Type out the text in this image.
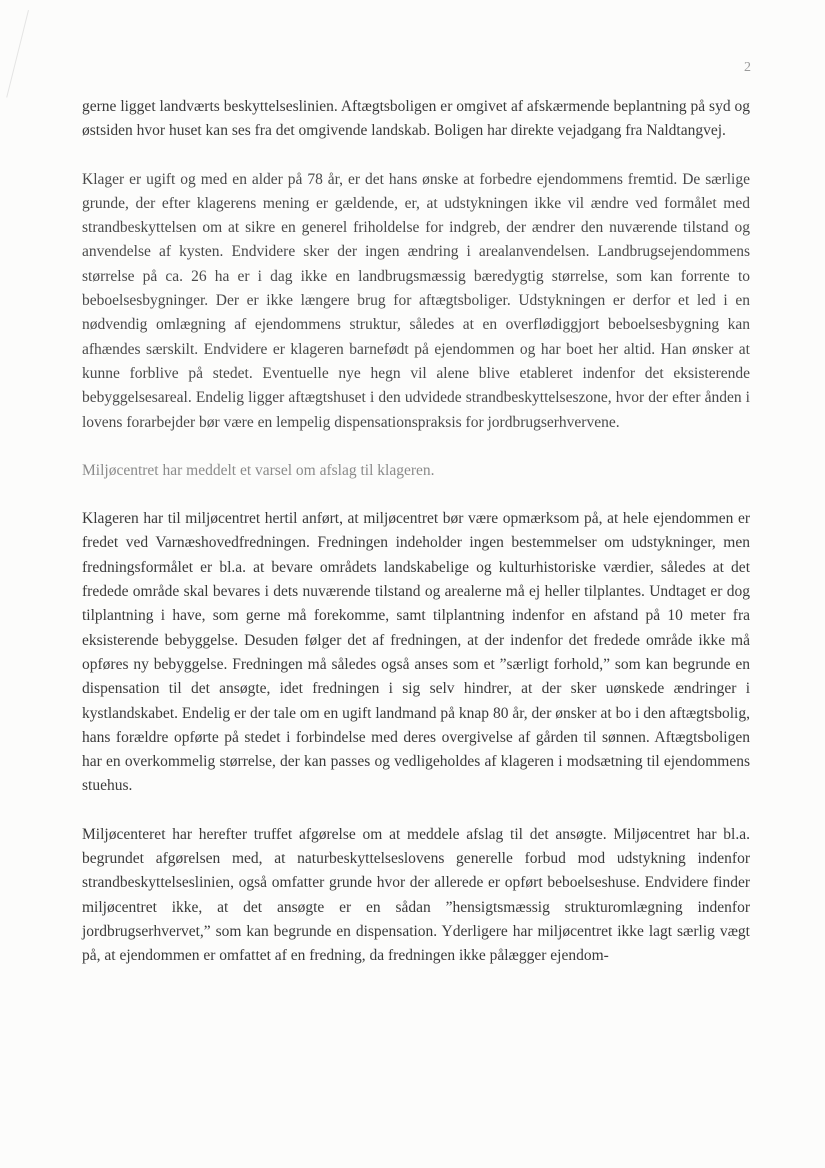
2

gerne ligget landværts beskyttelseslinien. Aftægtsboligen er omgivet af afskærmende beplantning på syd og østsiden hvor huset kan ses fra det omgivende landskab. Boligen har direkte vejadgang fra Naldtangvej.

Klager er ugift og med en alder på 78 år, er det hans ønske at forbedre ejendommens fremtid. De særlige grunde, der efter klagerens mening er gældende, er, at udstykningen ikke vil ændre ved formålet med strandbeskyttelsen om at sikre en generel friholdelse for indgreb, der ændrer den nuværende tilstand og anvendelse af kysten. Endvidere sker der ingen ændring i arealanvendelsen. Landbrugsejendommens størrelse på ca. 26 ha er i dag ikke en landbrugsmæssig bæredygtig størrelse, som kan forrente to beboelsesbygninger. Der er ikke længere brug for aftægtsboliger. Udstykningen er derfor et led i en nødvendig omlægning af ejendommens struktur, således at en overflødiggjort beboelsesbygning kan afhændes særskilt. Endvidere er klageren barnefødt på ejendommen og har boet her altid. Han ønsker at kunne forblive på stedet. Eventuelle nye hegn vil alene blive etableret indenfor det eksisterende bebyggelsesareal. Endelig ligger aftægtshuset i den udvidede strandbeskyttelseszone, hvor der efter ånden i lovens forarbejder bør være en lempelig dispensationspraksis for jordbrugserhvervene.

Miljøcentret har meddelt et varsel om afslag til klageren.

Klageren har til miljøcentret hertil anført, at miljøcentret bør være opmærksom på, at hele ejendommen er fredet ved Varnæshovedfredningen. Fredningen indeholder ingen bestemmelser om udstykninger, men fredningsformålet er bl.a. at bevare områdets landskabelige og kulturhistoriske værdier, således at det fredede område skal bevares i dets nuværende tilstand og arealerne må ej heller tilplantes. Undtaget er dog tilplantning i have, som gerne må forekomme, samt tilplantning indenfor en afstand på 10 meter fra eksisterende bebyggelse. Desuden følger det af fredningen, at der indenfor det fredede område ikke må opføres ny bebyggelse. Fredningen må således også anses som et ”særligt forhold,” som kan begrunde en dispensation til det ansøgte, idet fredningen i sig selv hindrer, at der sker uønskede ændringer i kystlandskabet. Endelig er der tale om en ugift landmand på knap 80 år, der ønsker at bo i den aftægtsbolig, hans forældre opførte på stedet i forbindelse med deres overgivelse af gården til sønnen. Aftægtsboligen har en overkommelig størrelse, der kan passes og vedligeholdes af klageren i modsætning til ejendommens stuehus.

Miljøcenteret har herefter truffet afgørelse om at meddele afslag til det ansøgte. Miljøcentret har bl.a. begrundet afgørelsen med, at naturbeskyttelseslovens generelle forbud mod udstykning indenfor strandbeskyttelseslinien, også omfatter grunde hvor der allerede er opført beboelseshuse. Endvidere finder miljøcentret ikke, at det ansøgte er en sådan ”hensigtsmæssig strukturomlægning indenfor jordbrugserhvervet,” som kan begrunde en dispensation. Yderligere har miljøcentret ikke lagt særlig vægt på, at ejendommen er omfattet af en fredning, da fredningen ikke pålægger ejendom-
